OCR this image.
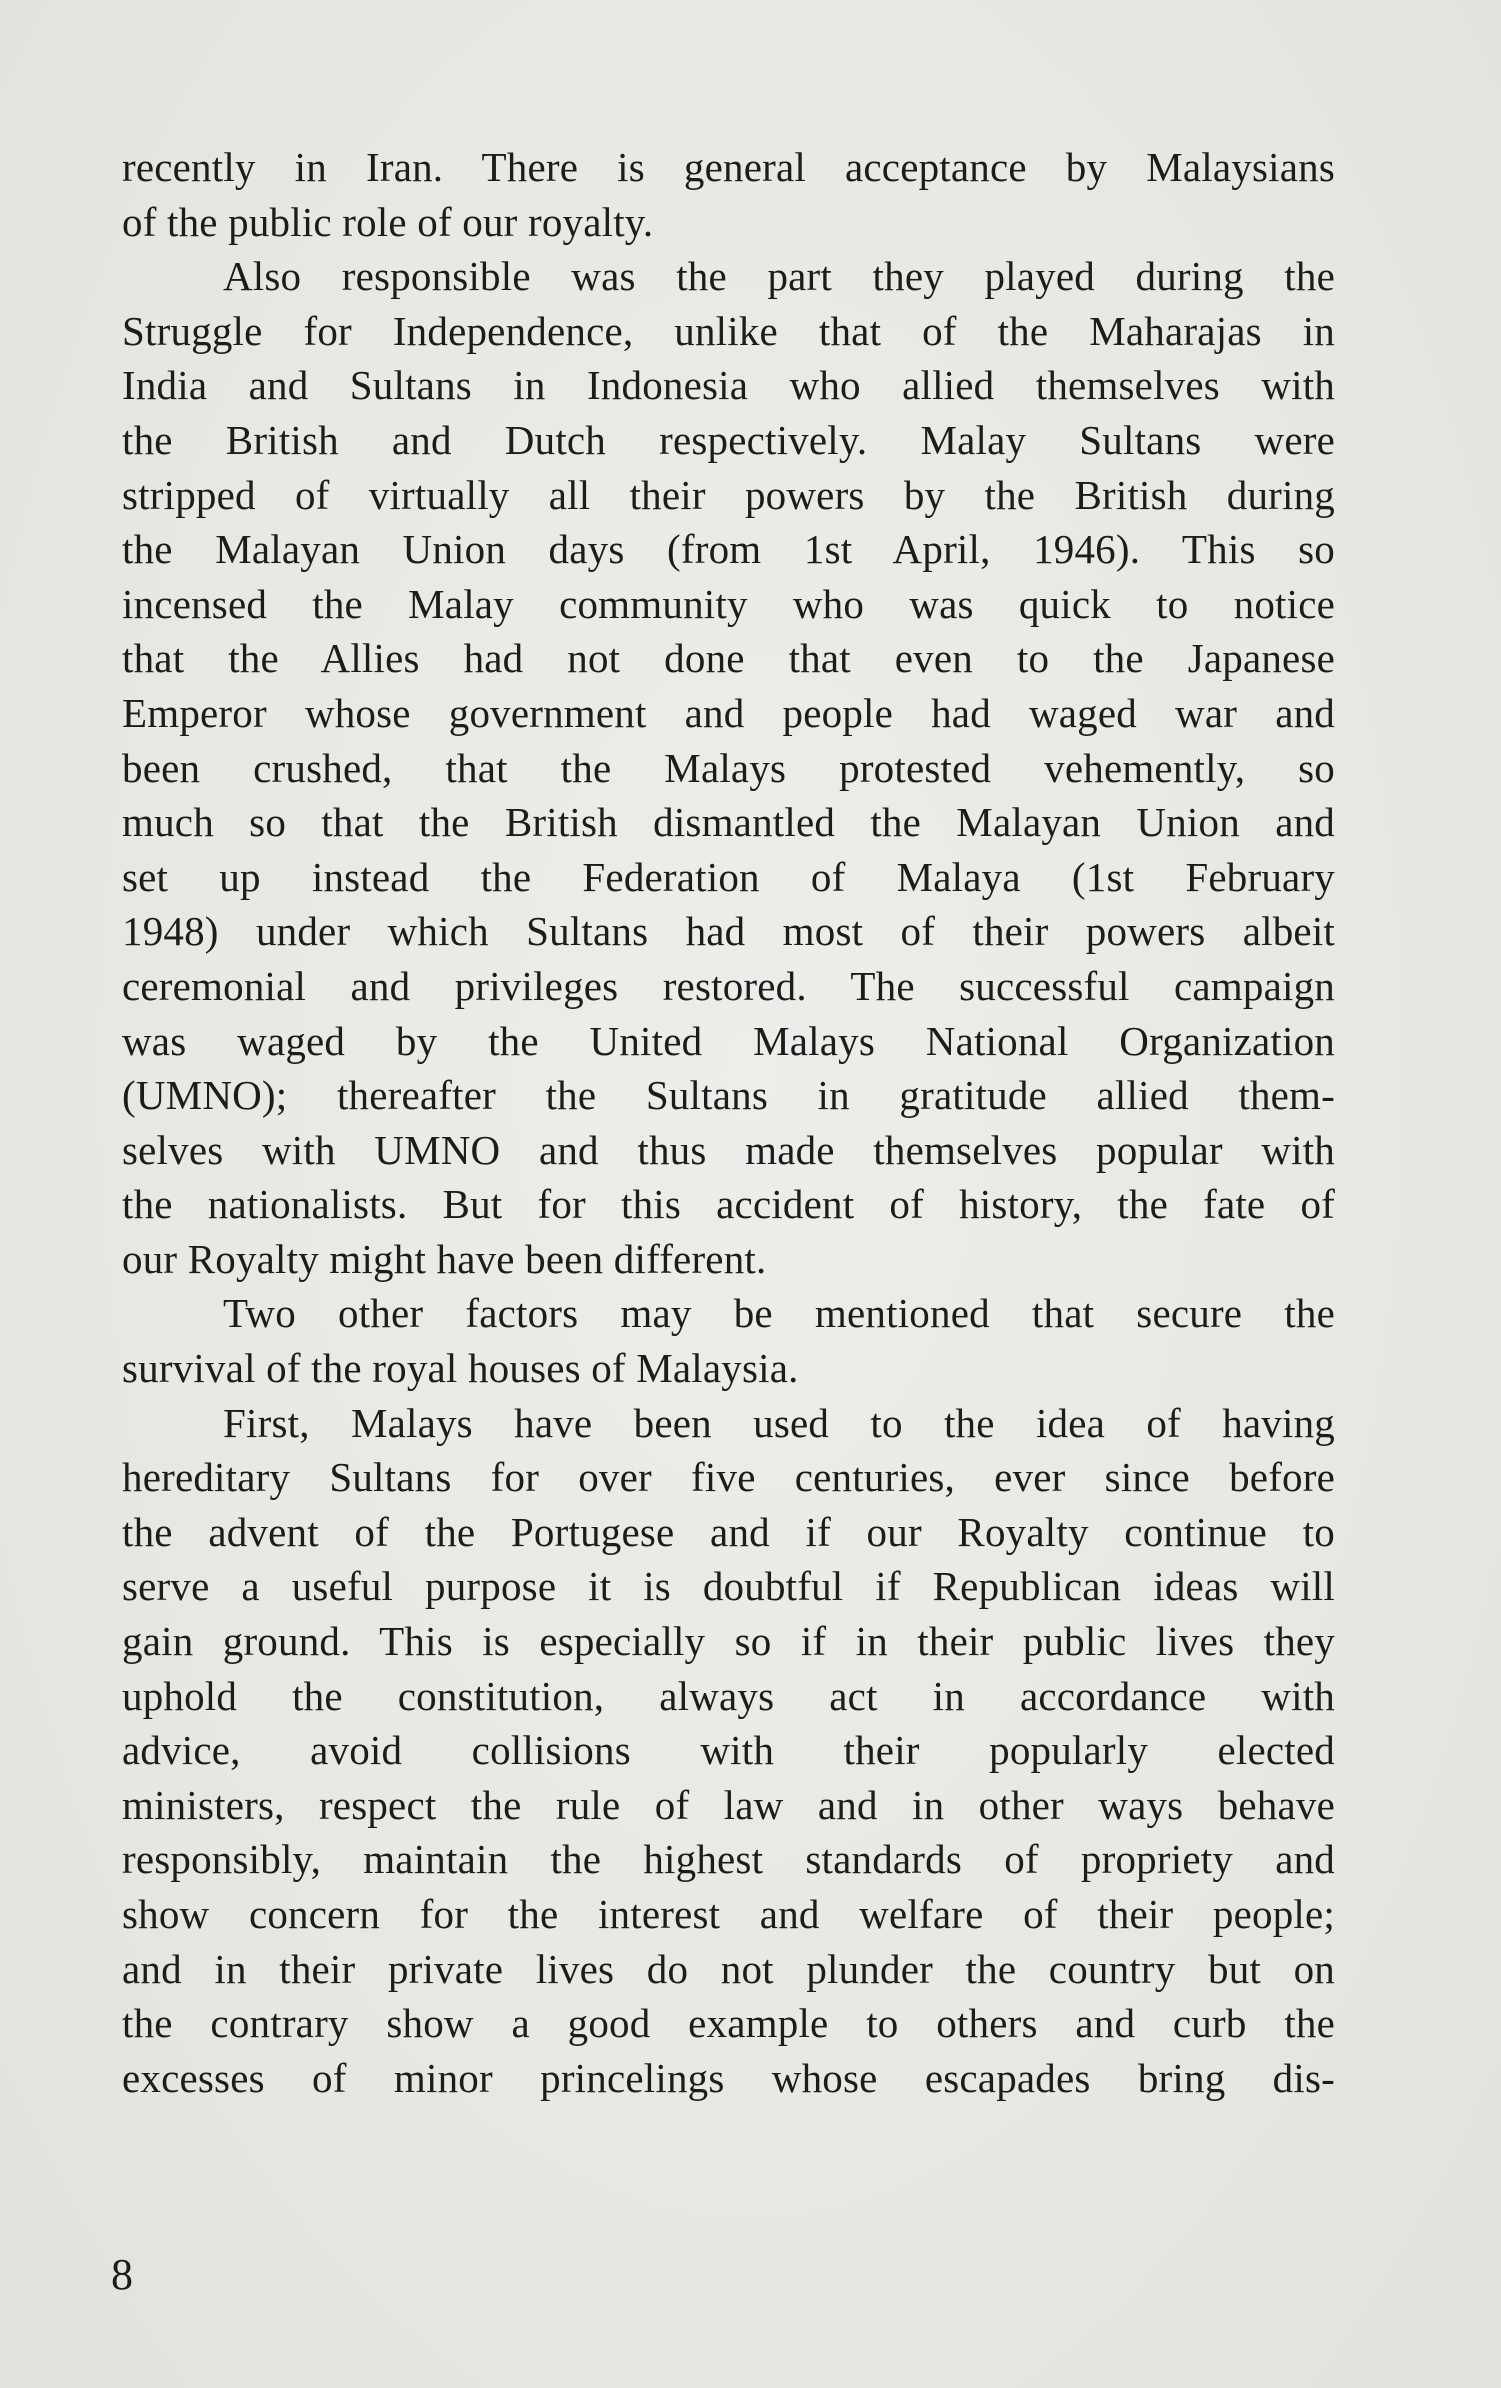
recently in Iran. There is general acceptance by Malaysians
of the public role of our royalty.
Also responsible was the part they played during the
Struggle for Independence, unlike that of the Maharajas in
India and Sultans in Indonesia who allied themselves with
the British and Dutch respectively. Malay Sultans were
stripped of virtually all their powers by the British during
the Malayan Union days (from 1st April, 1946). This so
incensed the Malay community who was quick to notice
that the Allies had not done that even to the Japanese
Emperor whose government and people had waged war and
been crushed, that the Malays protested vehemently, so
much so that the British dismantled the Malayan Union and
set up instead the Federation of Malaya (1st February
1948) under which Sultans had most of their powers albeit
ceremonial and privileges restored. The successful campaign
was waged by the United Malays National Organization
(UMNO); thereafter the Sultans in gratitude allied them-
selves with UMNO and thus made themselves popular with
the nationalists. But for this accident of history, the fate of
our Royalty might have been different.
Two other factors may be mentioned that secure the
survival of the royal houses of Malaysia.
First, Malays have been used to the idea of having
hereditary Sultans for over five centuries, ever since before
the advent of the Portugese and if our Royalty continue to
serve a useful purpose it is doubtful if Republican ideas will
gain ground. This is especially so if in their public lives they
uphold the constitution, always act in accordance with
advice, avoid collisions with their popularly elected
ministers, respect the rule of law and in other ways behave
responsibly, maintain the highest standards of propriety and
show concern for the interest and welfare of their people;
and in their private lives do not plunder the country but on
the contrary show a good example to others and curb the
excesses of minor princelings whose escapades bring dis-
8
